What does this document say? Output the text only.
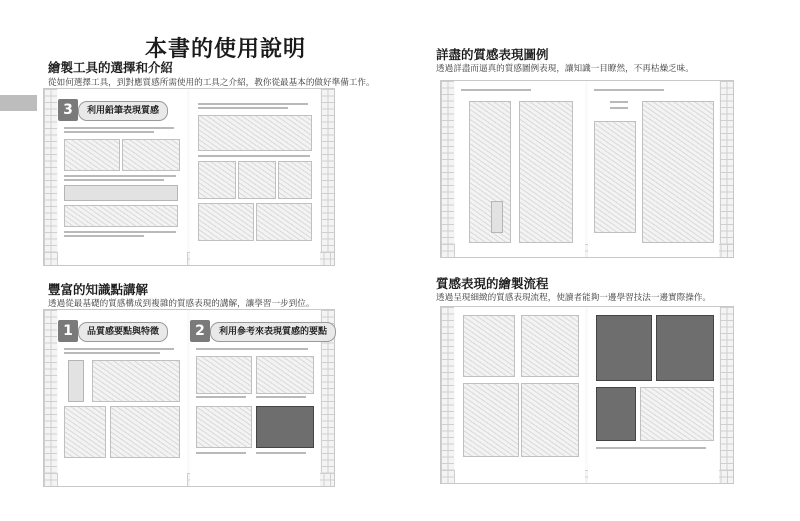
本書的使用說明
繪製工具的選擇和介紹
從如何選擇工具，到對應質感所需使用的工具之介紹，教你從最基本的做好準備工作。
3	利用鉛筆表現質感
豐富的知識點講解
透過從最基礎的質感構成到複雜的質感表現的講解，讓學習一步到位。
1	品質感要點與特徵	2	利用參考來表現質感的要點
詳盡的質感表現圖例
透過詳盡而逼真的質感圖例表現，讓知識一目瞭然，不再枯燥乏味。
質感表現的繪製流程
透過呈現細緻的質感表現流程，使讀者能夠一邊學習技法一邊實際操作。
